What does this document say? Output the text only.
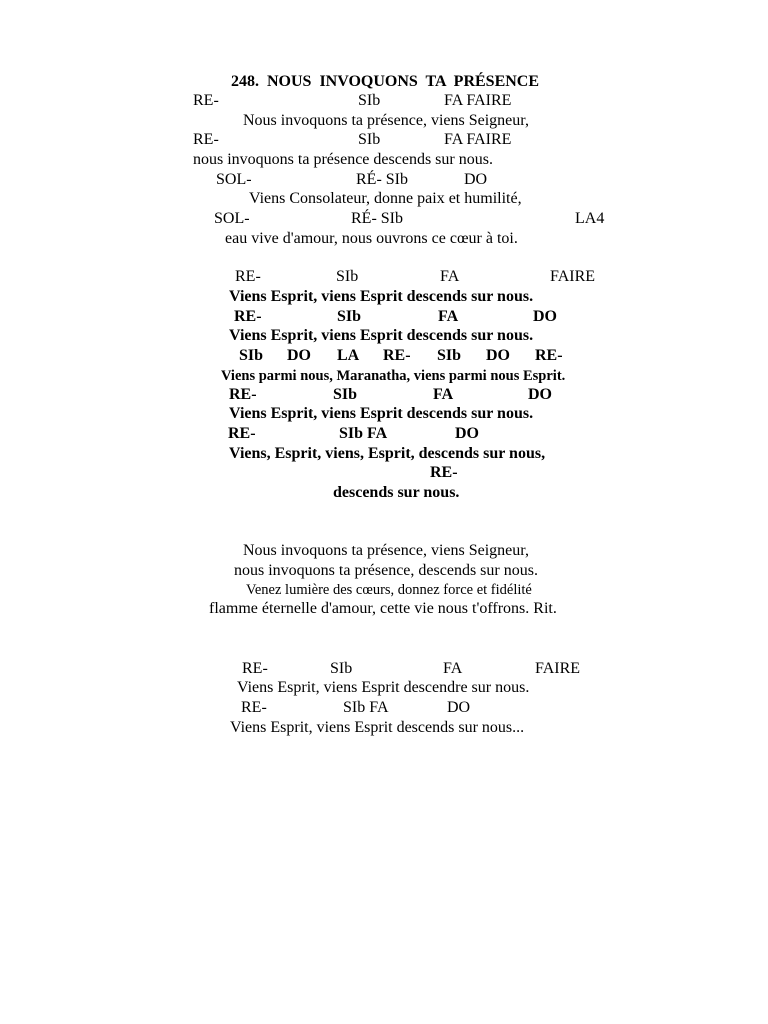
248.  NOUS  INVOQUONS  TA  PRÉSENCE
RE-	SIb	FA FAIRE
Nous invoquons ta présence, viens Seigneur,
RE-	SIb	FA FAIRE
nous invoquons ta présence descends sur nous.
SOL-	RÉ- SIb	DO
Viens Consolateur, donne paix et humilité,
SOL-	RÉ- SIb	LA4
eau vive d'amour, nous ouvrons ce cœur à toi.
RE-	SIb	FA	FAIRE
Viens Esprit, viens Esprit descends sur nous.
RE-	SIb	FA	DO
Viens Esprit, viens Esprit descends sur nous.
SIb DO LA RE- SIb DO RE-
Viens parmi nous, Maranatha, viens parmi nous Esprit.
RE-	SIb	FA	DO
Viens Esprit, viens Esprit descends sur nous.
RE-	SIb FA	DO
Viens, Esprit, viens, Esprit, descends sur nous,
RE-
descends sur nous.
Nous invoquons ta présence, viens Seigneur,
nous invoquons ta présence, descends sur nous.
Venez lumière des cœurs, donnez force et fidélité
flamme éternelle d'amour, cette vie nous t'offrons. Rit.
RE-	SIb	FA	FAIRE
Viens Esprit, viens Esprit descendre sur nous.
RE-	SIb FA	DO
Viens Esprit, viens Esprit descends sur nous...
